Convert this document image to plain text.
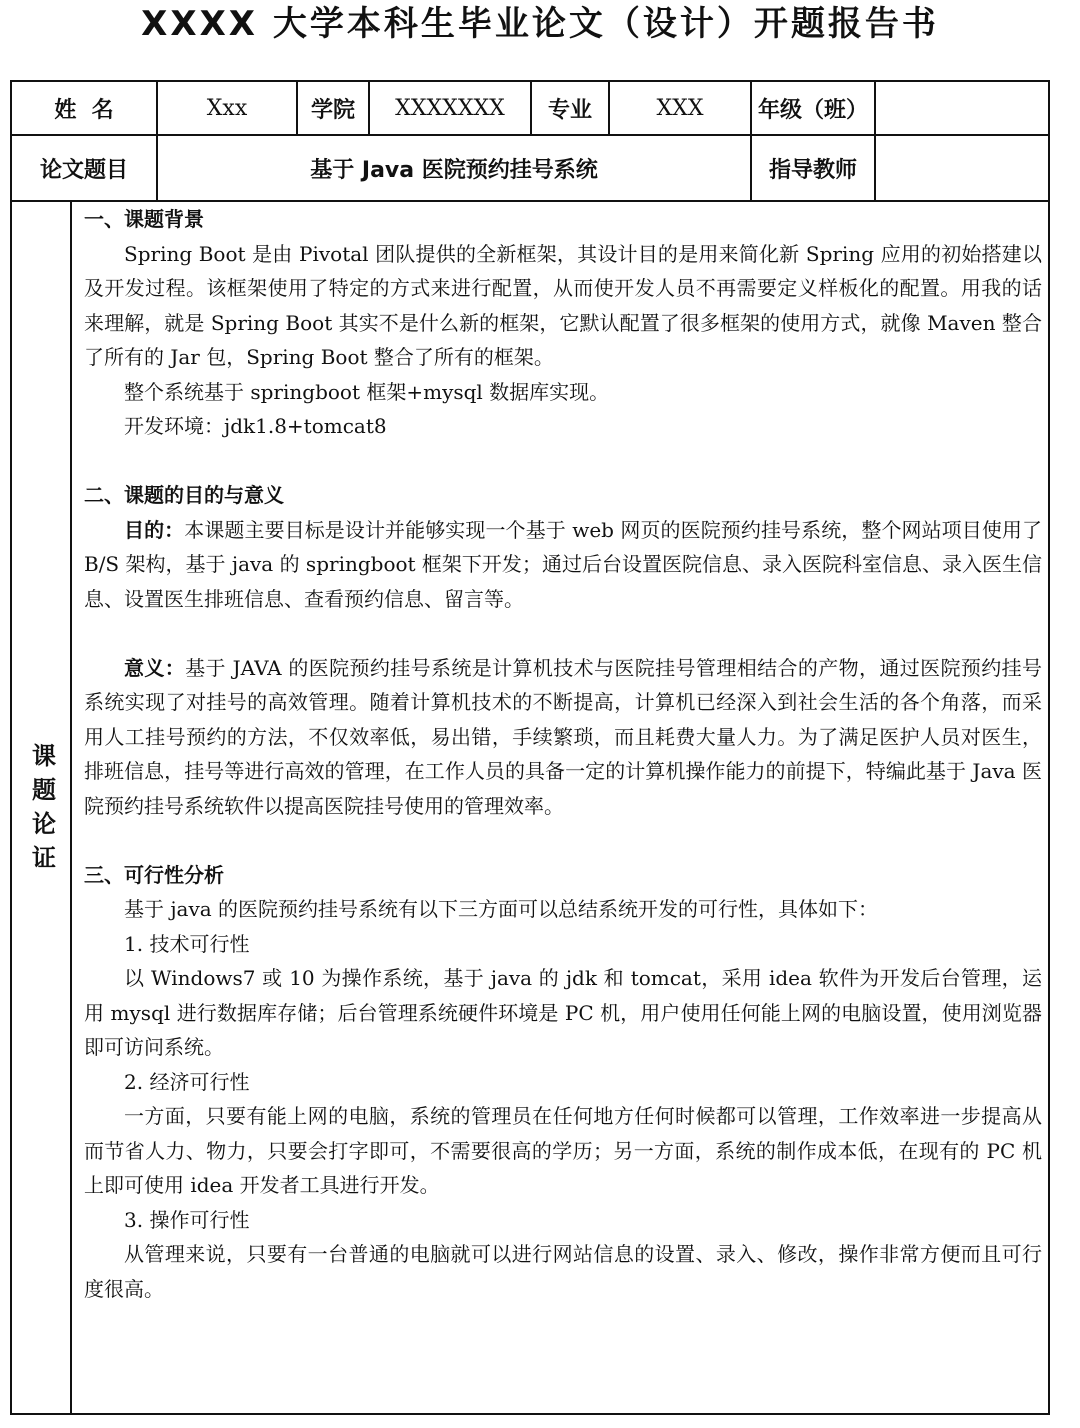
XXXX 大学本科生毕业论文（设计）开题报告书
姓  名	Xxx	学院	XXXXXXX	专业	XXX	年级（班）
论文题目	基于 Java 医院预约挂号系统	指导教师
课题论证

一、课题背景

Spring Boot 是由 Pivotal 团队提供的全新框架，其设计目的是用来简化新 Spring 应用的初始搭建以及开发过程。该框架使用了特定的方式来进行配置，从而使开发人员不再需要定义样板化的配置。用我的话来理解，就是 Spring Boot 其实不是什么新的框架，它默认配置了很多框架的使用方式，就像 Maven 整合了所有的 Jar 包，Spring Boot 整合了所有的框架。

整个系统基于 springboot 框架+mysql 数据库实现。

开发环境：jdk1.8+tomcat8

二、课题的目的与意义

目的：本课题主要目标是设计并能够实现一个基于 web 网页的医院预约挂号系统，整个网站项目使用了 B/S 架构，基于 java 的 springboot 框架下开发；通过后台设置医院信息、录入医院科室信息、录入医生信息、设置医生排班信息、查看预约信息、留言等。

意义：基于 JAVA 的医院预约挂号系统是计算机技术与医院挂号管理相结合的产物，通过医院预约挂号系统实现了对挂号的高效管理。随着计算机技术的不断提高，计算机已经深入到社会生活的各个角落，而采用人工挂号预约的方法，不仅效率低，易出错，手续繁琐，而且耗费大量人力。为了满足医护人员对医生，排班信息，挂号等进行高效的管理，在工作人员的具备一定的计算机操作能力的前提下，特编此基于 Java 医院预约挂号系统软件以提高医院挂号使用的管理效率。

三、可行性分析

基于 java 的医院预约挂号系统有以下三方面可以总结系统开发的可行性，具体如下：

1. 技术可行性

以 Windows7 或 10 为操作系统，基于 java 的 jdk 和 tomcat，采用 idea 软件为开发后台管理，运用 mysql 进行数据库存储；后台管理系统硬件环境是 PC 机，用户使用任何能上网的电脑设置，使用浏览器即可访问系统。

2. 经济可行性

一方面，只要有能上网的电脑，系统的管理员在任何地方任何时候都可以管理，工作效率进一步提高从而节省人力、物力，只要会打字即可，不需要很高的学历；另一方面，系统的制作成本低，在现有的 PC 机上即可使用 idea 开发者工具进行开发。

3. 操作可行性

从管理来说，只要有一台普通的电脑就可以进行网站信息的设置、录入、修改，操作非常方便而且可行度很高。
